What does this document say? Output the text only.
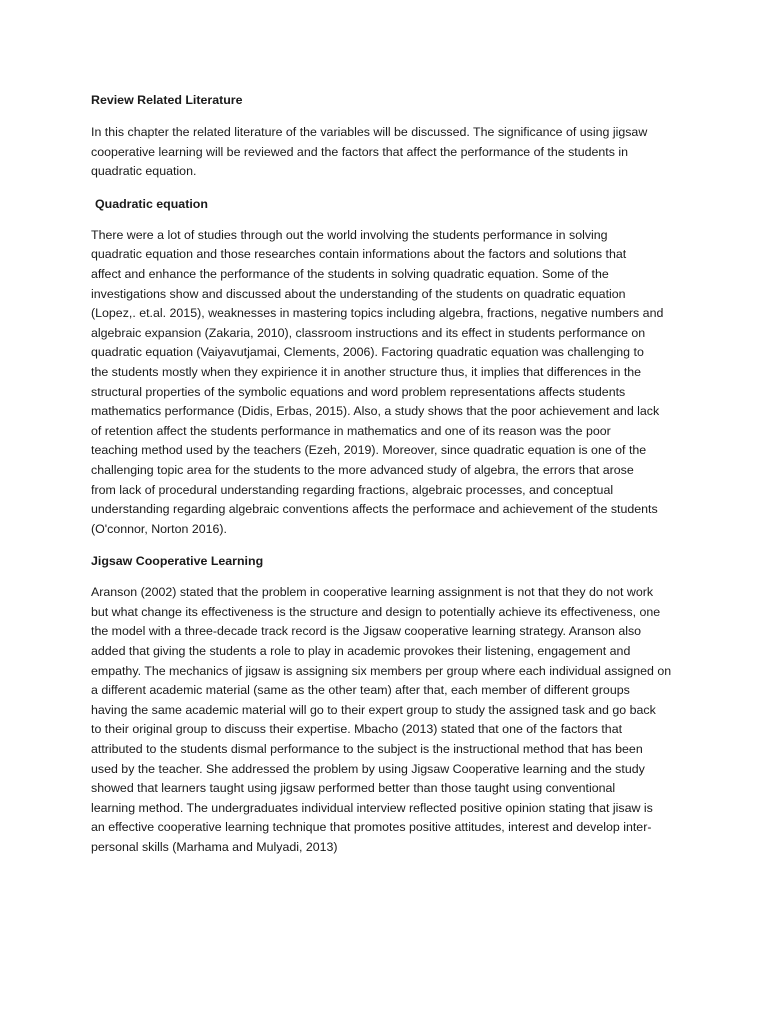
Review Related Literature

In this chapter the related literature of the variables will be discussed. The significance of using jigsaw
cooperative learning will be reviewed and the factors that affect the performance of the students in
quadratic equation.

Quadratic equation

There were a lot of studies through out the world involving the students performance in solving
quadratic equation and those researches contain informations about the factors and solutions that
affect and enhance the performance of the students in solving quadratic equation. Some of the
investigations show and discussed about the understanding of the students on quadratic equation
(Lopez,. et.al. 2015), weaknesses in mastering topics including algebra, fractions, negative numbers and
algebraic expansion (Zakaria, 2010), classroom instructions and its effect in students performance on
quadratic equation (Vaiyavutjamai, Clements, 2006). Factoring quadratic equation was challenging to
the students mostly when they expirience it in another structure thus, it implies that differences in the
structural properties of the symbolic equations and word problem representations affects students
mathematics performance (Didis, Erbas, 2015). Also, a study shows that the poor achievement and lack
of retention affect the students performance in mathematics and one of its reason was the poor
teaching method used by the teachers (Ezeh, 2019). Moreover, since quadratic equation is one of the
challenging topic area for the students to the more advanced study of algebra, the errors that arose
from lack of procedural understanding regarding fractions, algebraic processes, and conceptual
understanding regarding algebraic conventions affects the performace and achievement of the students
(O'connor, Norton 2016).

Jigsaw Cooperative Learning

Aranson (2002) stated that the problem in cooperative learning assignment is not that they do not work
but what change its effectiveness is the structure and design to potentially achieve its effectiveness, one
the model with a three-decade track record is the Jigsaw cooperative learning strategy. Aranson also
added that giving the students a role to play in academic provokes their listening, engagement and
empathy. The mechanics of jigsaw is assigning six members per group where each individual assigned on
a different academic material (same as the other team) after that, each member of different groups
having the same academic material will go to their expert group to study the assigned task and go back
to their original group to discuss their expertise. Mbacho (2013) stated that one of the factors that
attributed to the students dismal performance to the subject is the instructional method that has been
used by the teacher. She addressed the problem by using Jigsaw Cooperative learning and the study
showed that learners taught using jigsaw performed better than those taught using conventional
learning method. The undergraduates individual interview reflected positive opinion stating that jisaw is
an effective cooperative learning technique that promotes positive attitudes, interest and develop inter-
personal skills (Marhama and Mulyadi, 2013)
